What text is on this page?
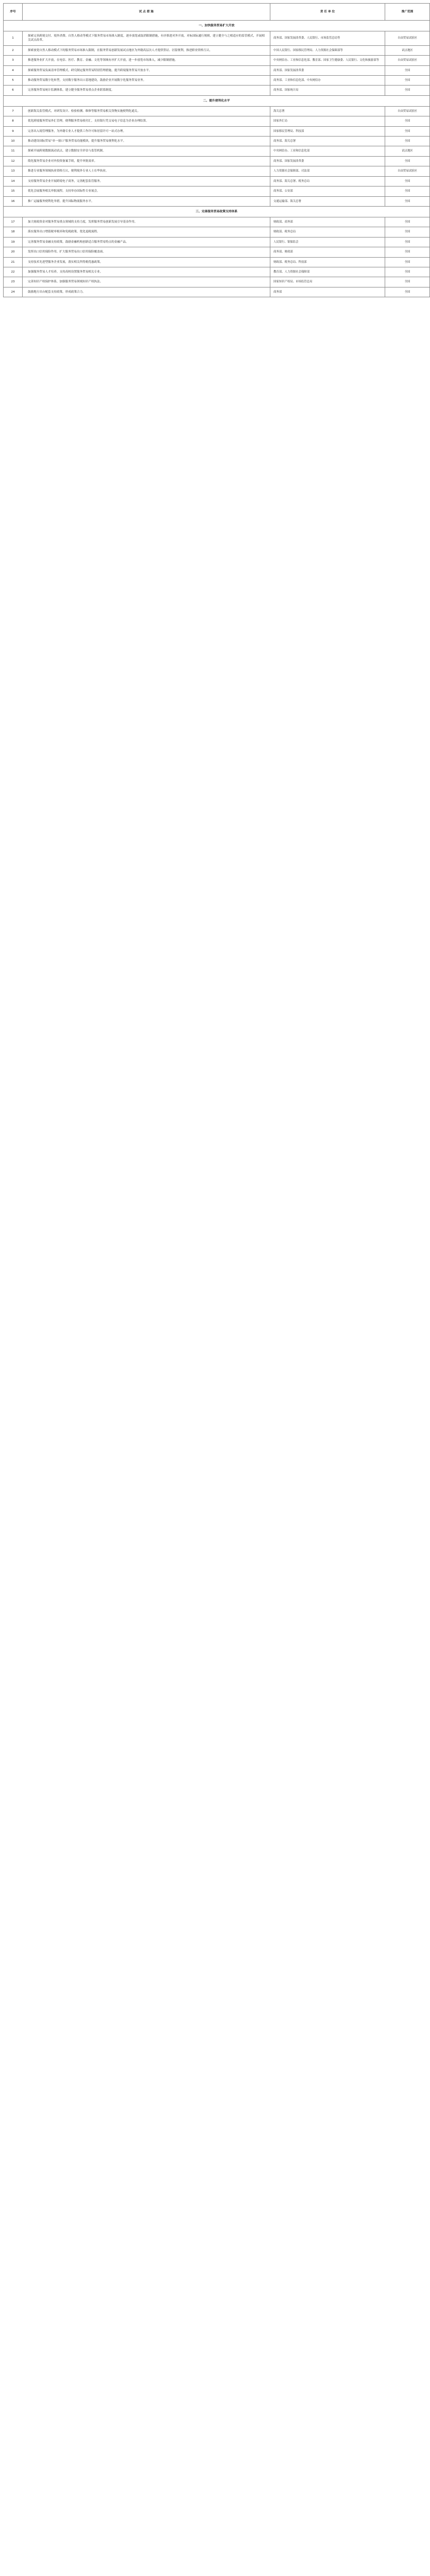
序号	试 点 措 施	责 任 单 位	推广范围
一、加快服务贸易扩大开放			
1	探索完善跨境交付、境外消费、自然人移动等模式下服务贸易市场准入制度，逐步放宽或取消限制措施，有序推进对外开放，对标国际通行规则，建立健全与之相适应的监管模式，开展相关试点改革。	商务部、国家发展改革委、人民银行、市场监管总局等	自由贸易试验区
2	探索放宽自然人移动模式下的服务贸易市场准入限制，在服务贸易创新发展试点地区为外籍高层次人才提供签证、居留便利，推进职业资格互认。	中国人民银行、国家移民管理局、人力资源社会保障部等	试点地区
3	推进服务业扩大开放，在电信、医疗、教育、金融、文化等领域有序扩大开放，进一步放宽市场准入，减少限制措施。	中央网信办、工业和信息化部、教育部、国家卫生健康委、人民银行、文化和旅游部等	自由贸易试验区
4	探索服务贸易负面清单管理模式，研究制定服务贸易特别管理措施，提升跨境服务贸易开放水平。	商务部、国家发展改革委	全国
5	推动服务贸易数字化转型，支持数字服务出口基地建设，鼓励企业开展数字化服务贸易业务。	商务部、工业和信息化部、中央网信办	全国
6	完善服务贸易统计监测体系，建立健全服务贸易重点企业联系制度。	商务部、国家统计局	全国
二、提升便利化水平			
7	创新海关监管模式，对研发设计、检验检测、维修等服务贸易相关货物实施便利化通关。	海关总署	自由贸易试验区
8	优化跨境服务贸易外汇管理，便利服务贸易收付汇，支持银行凭交易电子信息为企业办理结算。	国家外汇局	全国
9	完善出入境管理服务，为外籍专业人才提供工作许可和居留许可一站式办理。	国家移民管理局、科技部	全国
10	推动建设国际贸易“单一窗口”服务贸易功能模块，提升服务贸易便利化水平。	商务部、海关总署	全国
11	探索开展跨境数据流动试点，建立数据安全评估与监管机制。	中央网信办、工业和信息化部	试点地区
12	简化服务贸易企业对外投资备案手续，提升审批效率。	商务部、国家发展改革委	全国
13	推进专业服务领域执业资格互认，便利境外专业人士在华执业。	人力资源社会保障部、司法部	自由贸易试验区
14	支持服务贸易企业开展跨境电子商务，完善配套监管服务。	商务部、海关总署、税务总局	全国
15	优化会展服务相关审批流程，支持举办国际性专业展会。	商务部、公安部	全国
16	推广运输服务便利化举措，提升国际物流服务水平。	交通运输部、海关总署	全国
三、完善服务贸易政策支持体系			
17	加大财政资金对服务贸易重点领域的支持力度，发挥服务贸易创新发展引导基金作用。	财政部、商务部	全国
18	落实服务出口增值税零税率和免税政策，优化退税流程。	财政部、税务总局	全国
19	完善服务贸易金融支持政策，鼓励金融机构创新适合服务贸易特点的金融产品。	人民银行、银保监会	全国
20	发挥出口信用保险作用，扩大服务贸易出口信用保险覆盖面。	商务部、财政部	全国
21	支持技术先进型服务企业发展，落实相关所得税优惠政策。	财政部、税务总局、科技部	全国
22	加强服务贸易人才培养，支持高校设置服务贸易相关专业。	教育部、人力资源社会保障部	全国
23	完善知识产权保护体系，加强服务贸易领域知识产权执法。	国家知识产权局、市场监管总局	全国
24	鼓励地方出台配套支持政策，形成政策合力。	商务部	全国
